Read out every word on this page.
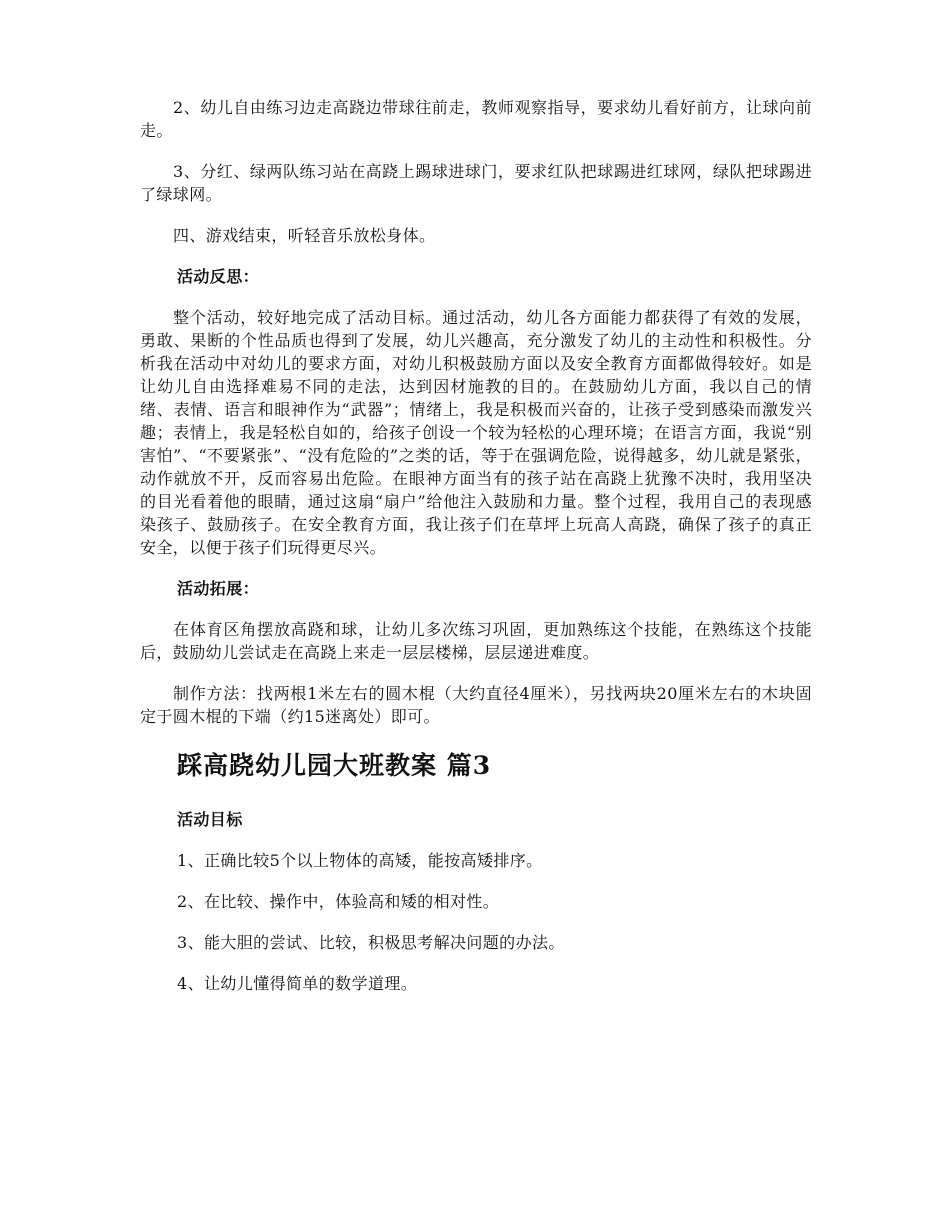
2、幼儿自由练习边走高跷边带球往前走，教师观察指导，要求幼儿看好前方，让球向前走。

3、分红、绿两队练习站在高跷上踢球进球门，要求红队把球踢进红球网，绿队把球踢进了绿球网。

四、游戏结束，听轻音乐放松身体。

活动反思：

整个活动，较好地完成了活动目标。通过活动，幼儿各方面能力都获得了有效的发展，勇敢、果断的个性品质也得到了发展，幼儿兴趣高，充分激发了幼儿的主动性和积极性。分析我在活动中对幼儿的要求方面，对幼儿积极鼓励方面以及安全教育方面都做得较好。如是让幼儿自由选择难易不同的走法，达到因材施教的目的。在鼓励幼儿方面，我以自己的情绪、表情、语言和眼神作为“武器”；情绪上，我是积极而兴奋的，让孩子受到感染而激发兴趣；表情上，我是轻松自如的，给孩子创设一个较为轻松的心理环境；在语言方面，我说“别害怕”、“不要紧张”、“没有危险的”之类的话，等于在强调危险，说得越多，幼儿就是紧张，动作就放不开，反而容易出危险。在眼神方面当有的孩子站在高跷上犹豫不决时，我用坚决的目光看着他的眼睛，通过这扇“扇户”给他注入鼓励和力量。整个过程，我用自己的表现感染孩子、鼓励孩子。在安全教育方面，我让孩子们在草坪上玩高人高跷，确保了孩子的真正安全，以便于孩子们玩得更尽兴。

活动拓展：

在体育区角摆放高跷和球，让幼儿多次练习巩固，更加熟练这个技能，在熟练这个技能后，鼓励幼儿尝试走在高跷上来走一层层楼梯，层层递进难度。

制作方法：找两根1米左右的圆木棍（大约直径4厘米），另找两块20厘米左右的木块固定于圆木棍的下端（约15迷离处）即可。

踩高跷幼儿园大班教案 篇3

活动目标

1、正确比较5个以上物体的高矮，能按高矮排序。

2、在比较、操作中，体验高和矮的相对性。

3、能大胆的尝试、比较，积极思考解决问题的办法。

4、让幼儿懂得简单的数学道理。
